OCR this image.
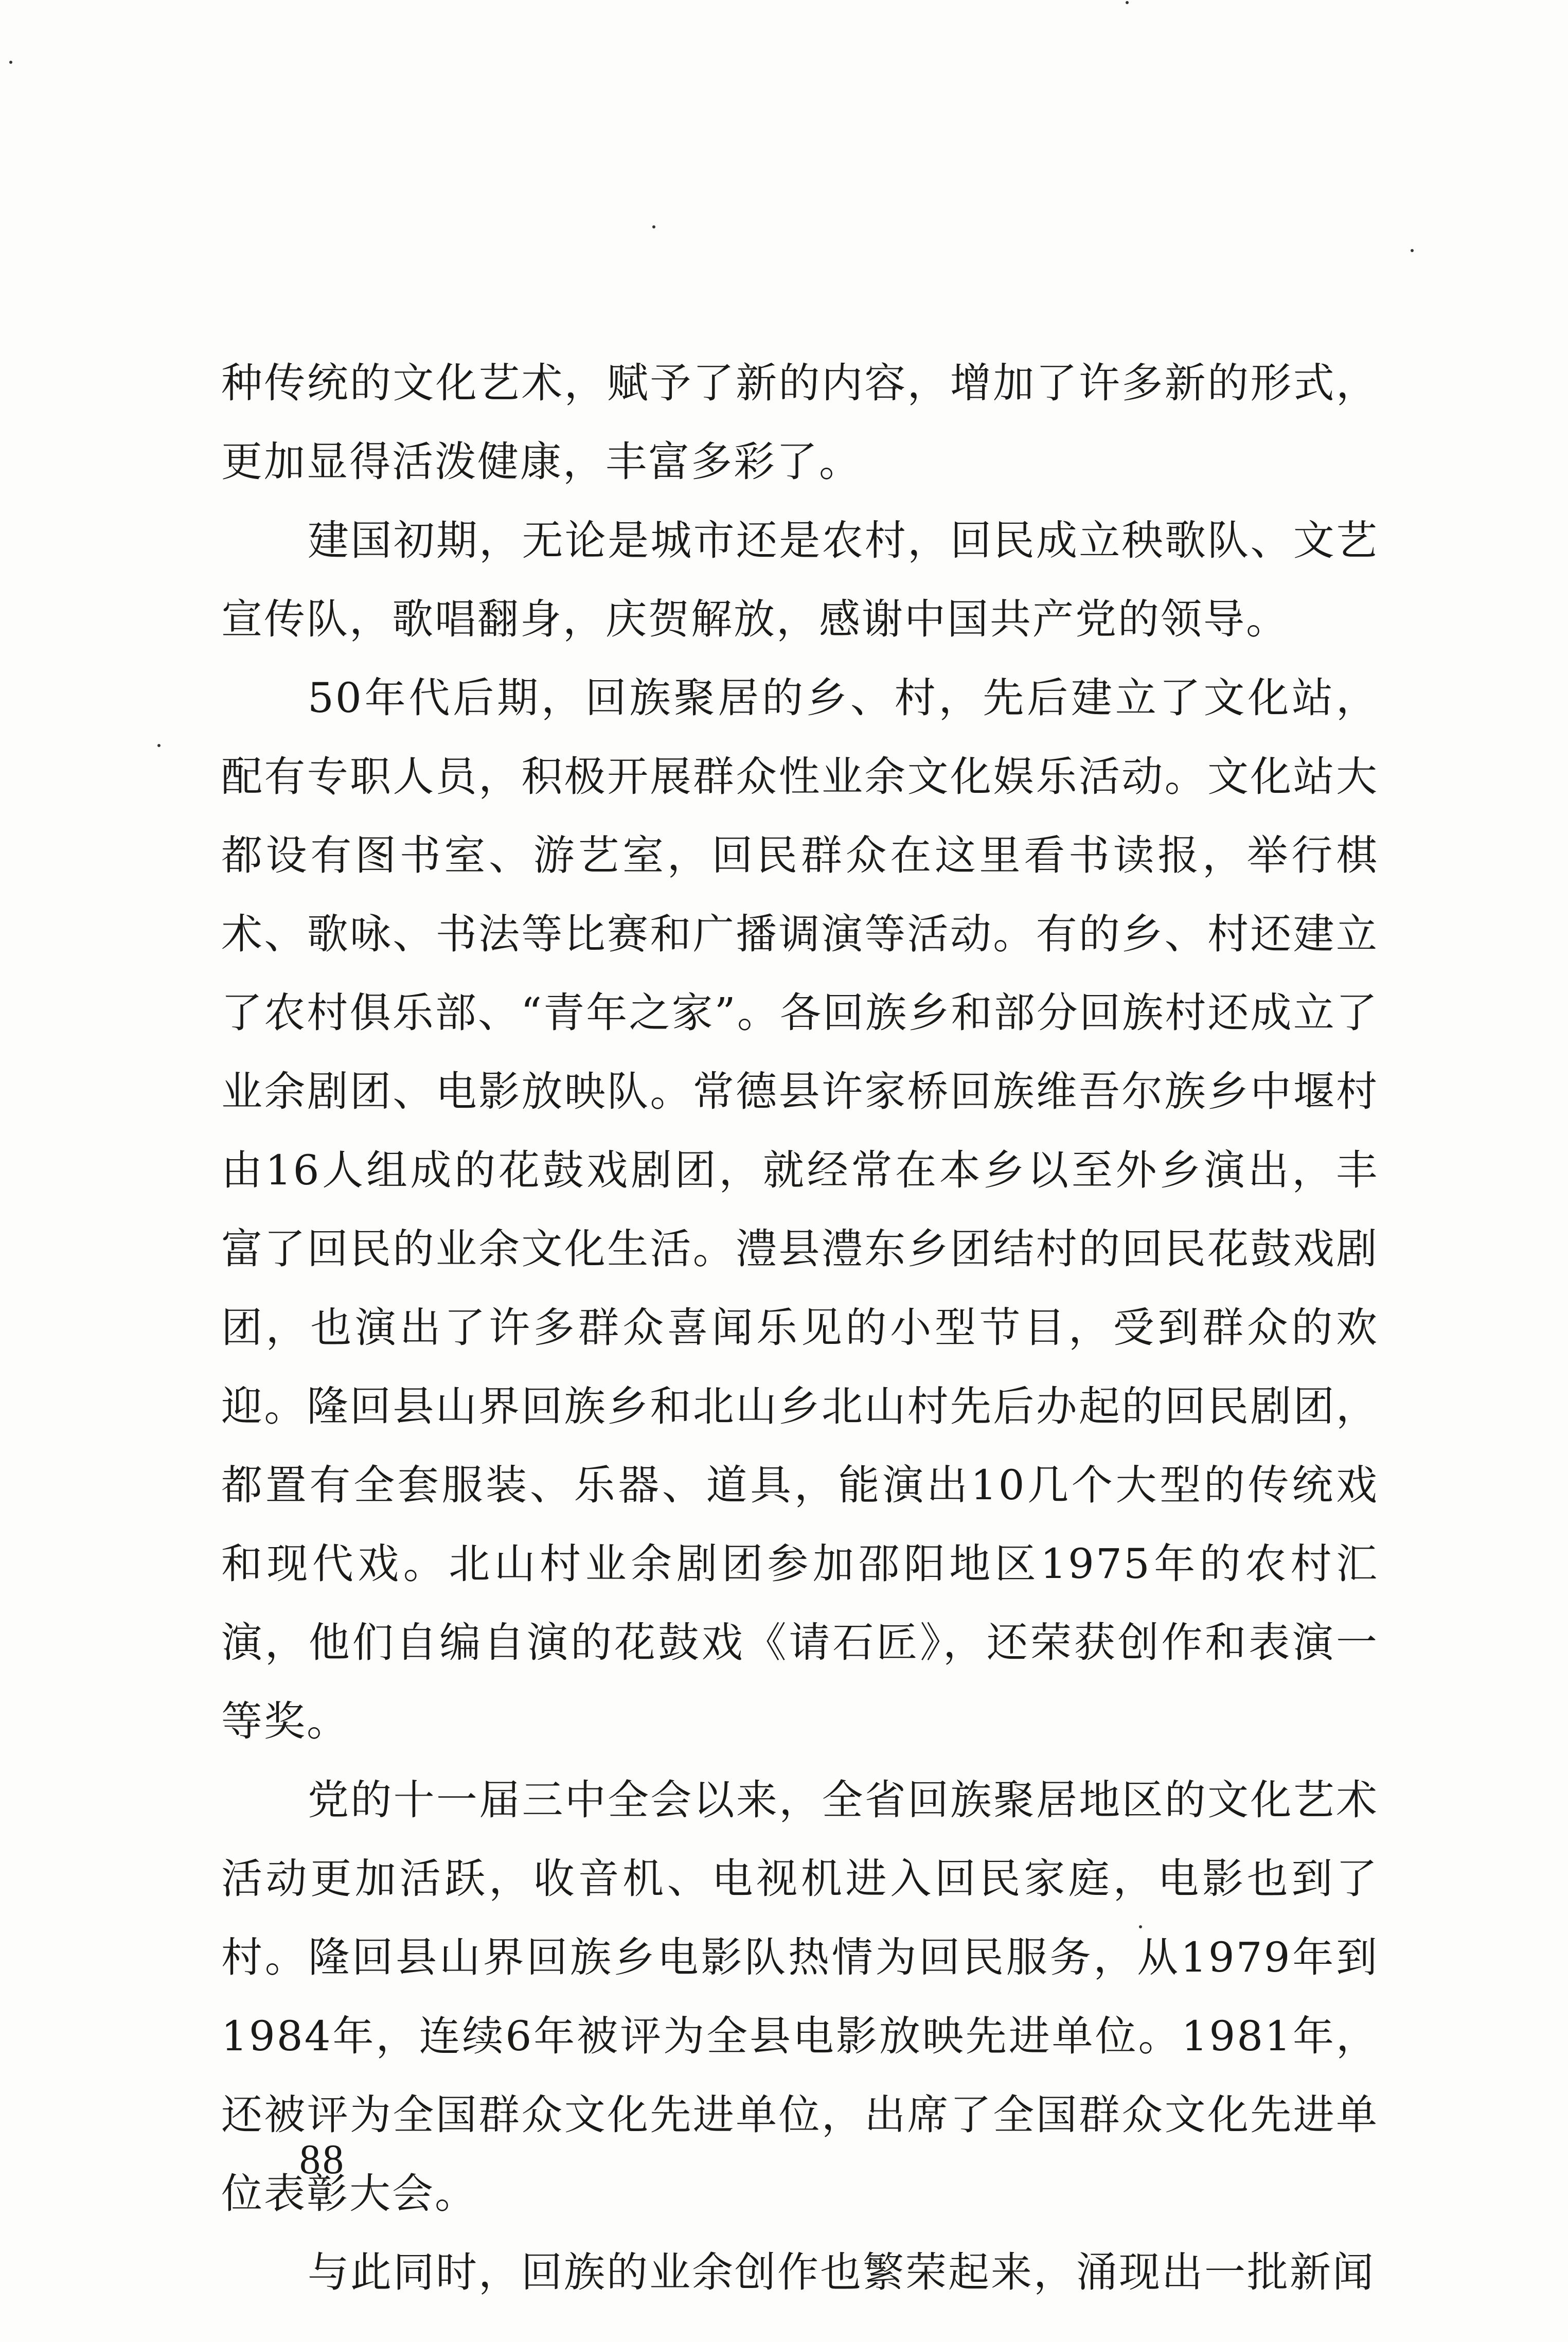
种传统的文化艺术，赋予了新的内容，增加了许多新的形式，更加显得活泼健康，丰富多彩了。

建国初期，无论是城市还是农村，回民成立秧歌队、文艺宣传队，歌唱翻身，庆贺解放，感谢中国共产党的领导。

50年代后期，回族聚居的乡、村，先后建立了文化站，配有专职人员，积极开展群众性业余文化娱乐活动。文化站大都设有图书室、游艺室，回民群众在这里看书读报，举行棋术、歌咏、书法等比赛和广播调演等活动。有的乡、村还建立了农村俱乐部、“青年之家”。各回族乡和部分回族村还成立了业余剧团、电影放映队。常德县许家桥回族维吾尔族乡中堰村由16人组成的花鼓戏剧团，就经常在本乡以至外乡演出，丰富了回民的业余文化生活。澧县澧东乡团结村的回民花鼓戏剧团，也演出了许多群众喜闻乐见的小型节目，受到群众的欢迎。隆回县山界回族乡和北山乡北山村先后办起的回民剧团，都置有全套服装、乐器、道具，能演出10几个大型的传统戏和现代戏。北山村业余剧团参加邵阳地区1975年的农村汇演，他们自编自演的花鼓戏《请石匠》，还荣获创作和表演一等奖。

党的十一届三中全会以来，全省回族聚居地区的文化艺术活动更加活跃，收音机、电视机进入回民家庭，电影也到了村。隆回县山界回族乡电影队热情为回民服务，从1979年到1984年，连续6年被评为全县电影放映先进单位。1981年，还被评为全国群众文化先进单位，出席了全国群众文化先进单位表彰大会。

与此同时，回族的业余创作也繁荣起来，涌现出一批新闻

88
